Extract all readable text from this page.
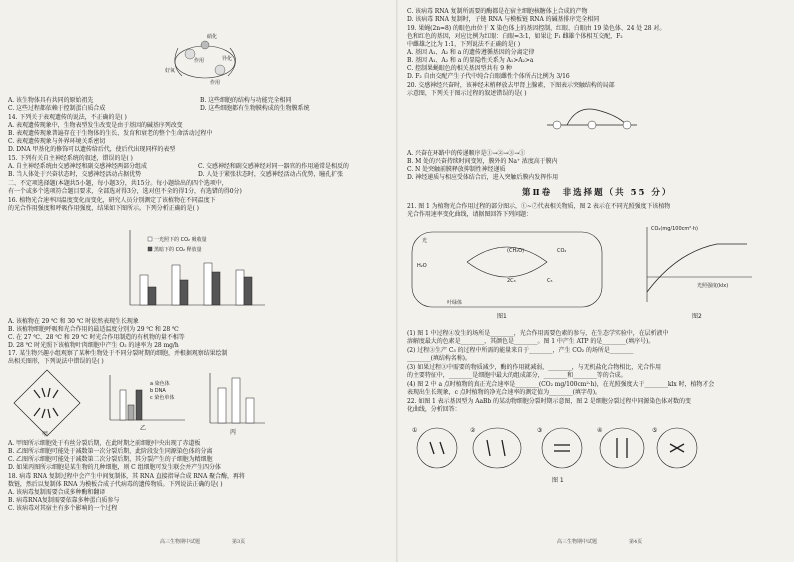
硝化
作用
好氧
异化
作用
A. 该生物体具有共同的原始祖先	B. 这些细胞的结构与功能完全相同
C. 这些过程都依赖于控制蛋白质合成	D. 这些细胞都有生物膜构成的生物膜系统
14. 下列关于表观遗传的说法，不正确的是( )
A. 表观遗传现象中，生物表型发生改变是由于基因的碱基序列改变
B. 表观遗传现象普遍存在于生物体的生长、发育和衰老的整个生命活动过程中
C. 表观遗传现象与外界环境关系密切
D. DNA 甲基化的修饰可以遗传给后代，使后代出现同样的表型
15. 下列有关自主神经系统的叙述，错误的是( )
A. 自主神经系统由交感神经和副交感神经两部分组成
B. 当人体处于兴奋状态时，交感神经活动占据优势
C. 交感神经和副交感神经对同一器官的作用通常是相反的
D. 人处于紧张状态时，交感神经活动占优势，瞳孔扩张
二、不定项选择题(本题共5小题，每小题3分，共15分。每小题给出的四个选项中，
有一个或多个选项符合题目要求，全部选对得3分，选对但不全的得1分，有选错的得0分)
16. 植物光合速率因温度变化而变化，研究人员分别测定了该植物在不同温度下
的光合作用强度和呼吸作用强度，结果如下图所示。下列分析正确的是( )
一光照下的 CO₂ 吸收量
黑暗下的 CO₂ 释放量
A. 该植物在 29 ℃ 和 30 ℃ 时依然表现生长现象
B. 该植物细胞呼吸和光合作用的最适温度分别为 29 ℃ 和 28 ℃
C. 在 27 ℃、28 ℃ 和 29 ℃ 时光合作用制造的有机物的量不相等
D. 28 ℃ 时光照下该植物叶肉细胞中产生 O₂ 的速率为 28 mg/h
17. 某生物兴趣小组观察了某种生物处于不同分裂时期的细胞，并根据观察结果绘制
出相关图形，下列说法中错误的是( )
甲
a 染色体
b DNA
c 染色单体
乙
丙
A. 甲图所示细胞处于有丝分裂后期，在此时期之前细胞中央出现了赤道板
B. 乙图所示细胞可能处于减数第一次分裂后期，此阶段发生同源染色体的分离
C. 乙图所示细胞可能处于减数第二次分裂后期，其分裂产生的子细胞为精细胞
D. 如果丙图所示细胞是某生物的几种细胞，则 C 组细胞可发生联会并产生四分体
18. 病毒 RNA 复制过程中会产生中间复制体，其 RNA 直接指导合成 RNA 聚合酶，再将
数链，然后以复制体 RNA 为模板合成子代病毒的遗传物质。下列说法正确的是( )
A. 该病毒复制需要合成多种酶和翻译
B. 病毒RNA复制需要依靠多种蛋白质参与
C. 该病毒对其宿主有多个影响的一个过程
高三生物期中试题	第3页
C. 该病毒 RNA 复制所需要的酶都是在宿主细胞核糖体上合成的产物
D. 该病毒 RNA 复制时，子链 RNA 与模板链 RNA 的碱基排序完全相同
19. 果蝇(2n=8) 的眼色由位于 X 染色体上的基因控制，红眼、白眼由 19 染色体、24 处 28 对。
色和红色的基因，对应比例为红眼：白眼=3:1，如果让 F₁ 雌雄个体相互交配，F₂
中雌雄之比为 1:1，下列说法不正确的是( )
A. 基因 A₁、A₂ 和 a 的遗传遵循基因的分离定律
B. 基因 A₁、A₂ 和 a 的显隐性关系为 A₁>A₂>a
C. 控制果蝇眼色的相关基因型共有 9 种
D. F₂ 自由交配产生子代中纯合白眼雌性个体所占比例为 3/16
20. 交感神经兴奋时，该神经末梢释放去甲肾上腺素，下图表示突触结构的局部
示意图，下列关于图示过程的叙述错误的是( )
A. 兴奋在环路中的传递顺序是①→②→③→①
B. M 处的兴奋持续时间变短，膜外的 Na⁺ 浓度高于膜内
C. N 处突触前膜释放抑制性神经递质
D. 神经递质与相应受体结合后，进入突触后膜内发挥作用
第Ⅱ卷　非选择题（共 55 分）
21. 图 1 为植物光合作用过程的部分图示，①~⑦代表相关物质，图 2 表示在不同光照强度下该植物
光合作用速率变化曲线，请据图回答下列问题：
H₂O
CO₂
(CH₂O)
C₅
2C₃
光
叶绿体
图1
CO₂(mg/100cm²·h)
光照强度(klx)
图2
(1) 图 1 中过程④发生的场所是________，光合作用需要色素的参与，在生态学实验中，在层析液中
溶解度最大的色素是________，其颜色是________。图 1 中产生 ATP 的是________(填序号)。
(2) 过程③生产 C₃ 的过程中所需的能量来自于________，产生 CO₂ 的场所是________
________(填结构名称)。
(3) 如果过程③中需要的物质减少，酶的作用就减弱，________，与无机盐化合物相比，光合作用
的主要特征中，________是细胞中最大的组成部分，________和________等的合成。
(4) 图 2 中 a 点时植物的真正光合速率是________(CO₂ mg/100cm²·h)，在光照强度大于________klx 时，植物才会
表现出生长现象，c 点时植物的净光合速率的测定值为________(填字母)。
22. 如图 1 表示基因型为 AaBb 的某动物细胞分裂时期示意图，图 2 是细胞分裂过程中同源染色体对数的变
化曲线，分析回答：
①	②	③	④	⑤
图 1
高三生物期中试题	第4页
